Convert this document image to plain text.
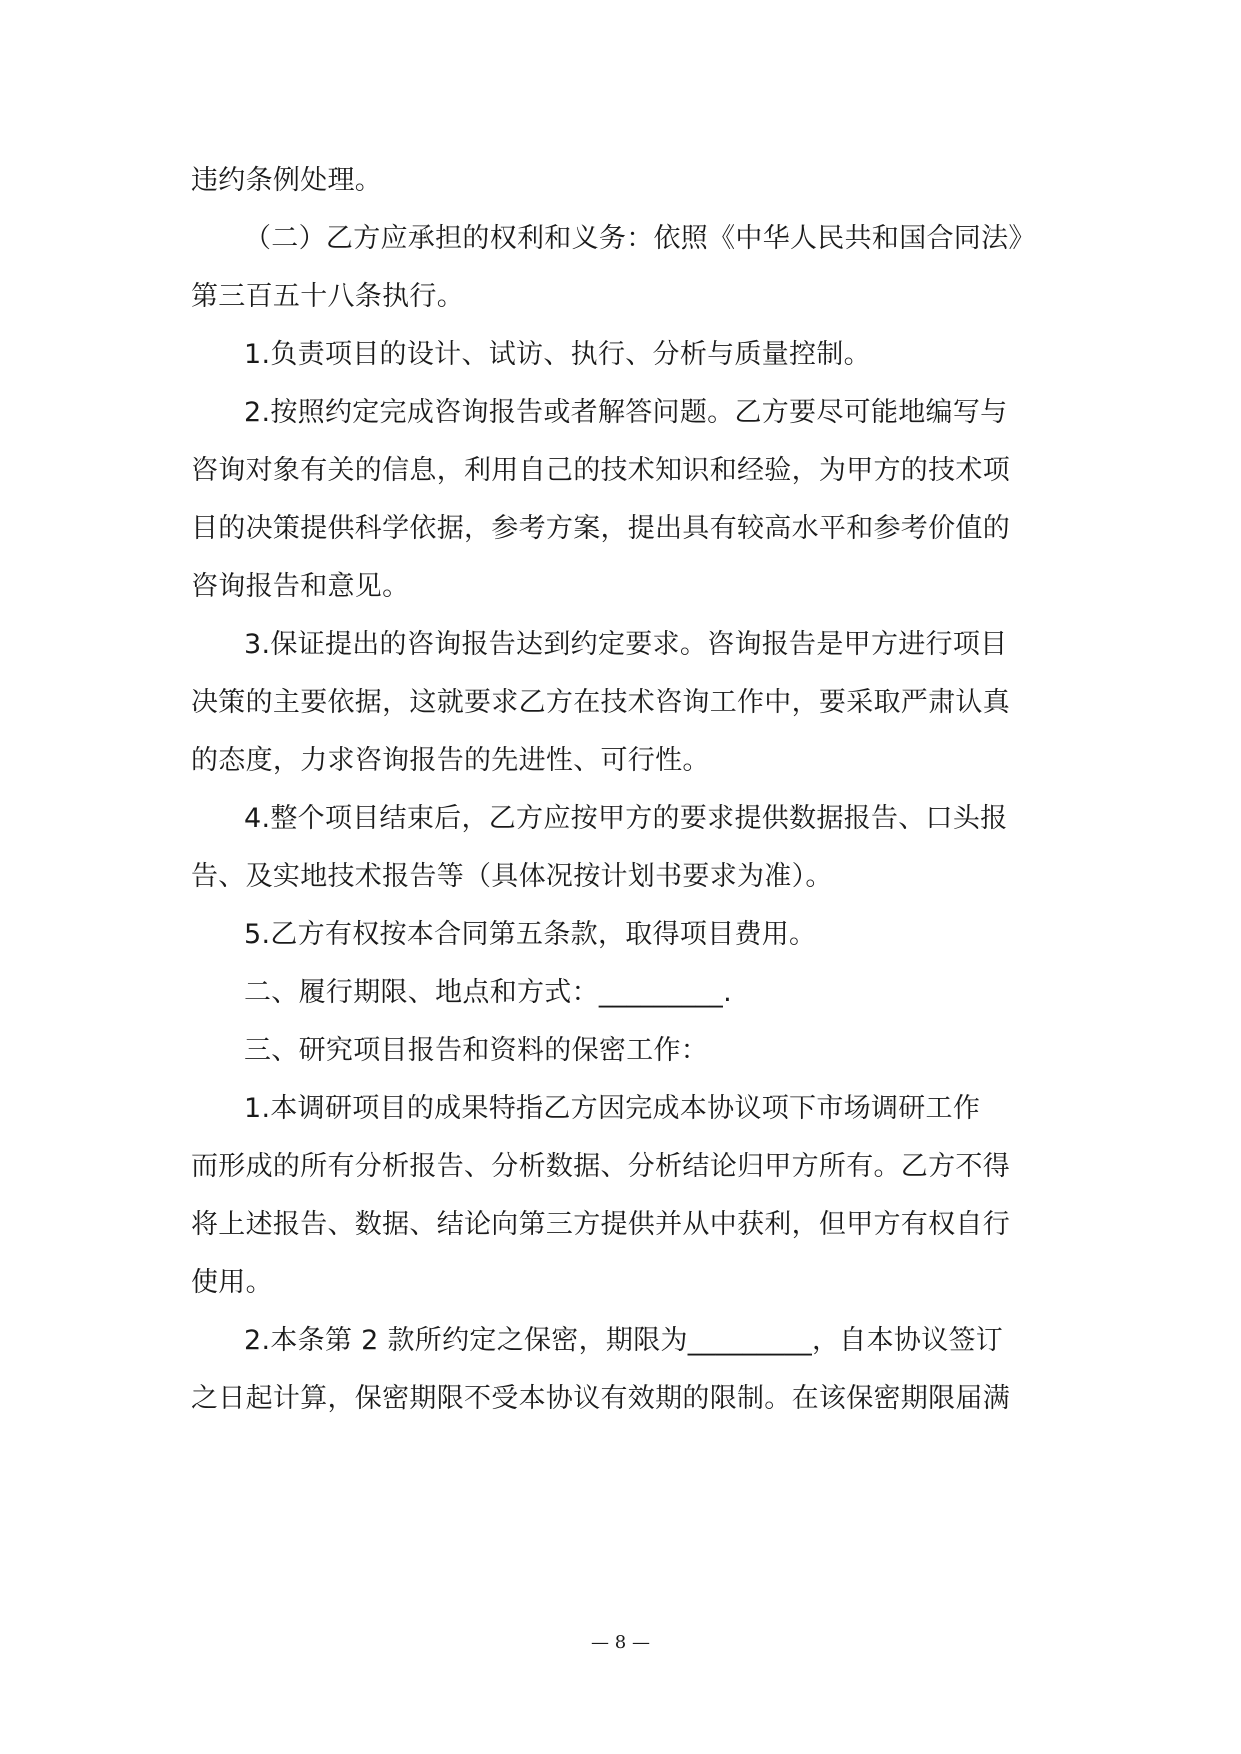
违约条例处理。
（二）乙方应承担的权利和义务：依照《中华人民共和国合同法》
第三百五十八条执行。
1.负责项目的设计、试访、执行、分析与质量控制。
2.按照约定完成咨询报告或者解答问题。乙方要尽可能地编写与
咨询对象有关的信息，利用自己的技术知识和经验，为甲方的技术项
目的决策提供科学依据，参考方案，提出具有较高水平和参考价值的
咨询报告和意见。
3.保证提出的咨询报告达到约定要求。咨询报告是甲方进行项目
决策的主要依据，这就要求乙方在技术咨询工作中，要采取严肃认真
的态度，力求咨询报告的先进性、可行性。
4.整个项目结束后，乙方应按甲方的要求提供数据报告、口头报
告、及实地技术报告等（具体况按计划书要求为准）。
5.乙方有权按本合同第五条款，取得项目费用。
二、履行期限、地点和方式：_________.
三、研究项目报告和资料的保密工作：
1.本调研项目的成果特指乙方因完成本协议项下市场调研工作
而形成的所有分析报告、分析数据、分析结论归甲方所有。乙方不得
将上述报告、数据、结论向第三方提供并从中获利，但甲方有权自行
使用。
2.本条第 2 款所约定之保密，期限为_________，自本协议签订
之日起计算，保密期限不受本协议有效期的限制。在该保密期限届满
— 8 —
